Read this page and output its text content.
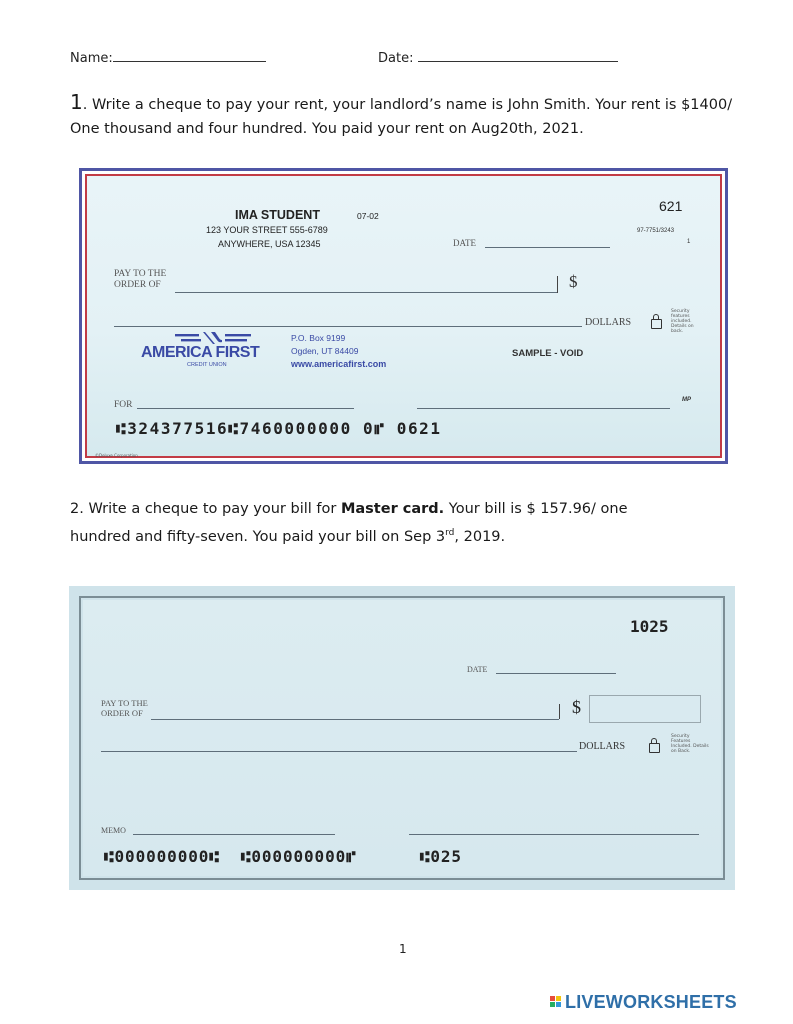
Name:	Date:
1. Write a cheque to pay your rent, your landlord’s name is John Smith. Your rent is $1400/
One thousand and four hundred. You paid your rent on Aug20th, 2021.
IMA STUDENT	07-02
123 YOUR STREET 555-6789
ANYWHERE, USA 12345
621
97-7751/3243
1
DATE
PAY TO THE
ORDER OF	$
DOLLARS
Security features included. Details on back.
AMERICA FIRST
CREDIT UNION
P.O. Box 9199
Ogden, UT 84409
www.americafirst.com
SAMPLE - VOID
FOR	MP
⑆324377516⑆7460000000 0⑈ 0621
©Deluxe Corporation
2. Write a cheque to pay your bill for Master card. Your bill is $ 157.96/ one
hundred and fifty-seven. You paid your bill on Sep 3rd, 2019.
1025
DATE
PAY TO THE
ORDER OF	$
DOLLARS
Security Features Included. Details on Back.
MEMO
⑆000000000⑆  ⑆000000000⑈      ⑆025
1
LIVEWORKSHEETS
